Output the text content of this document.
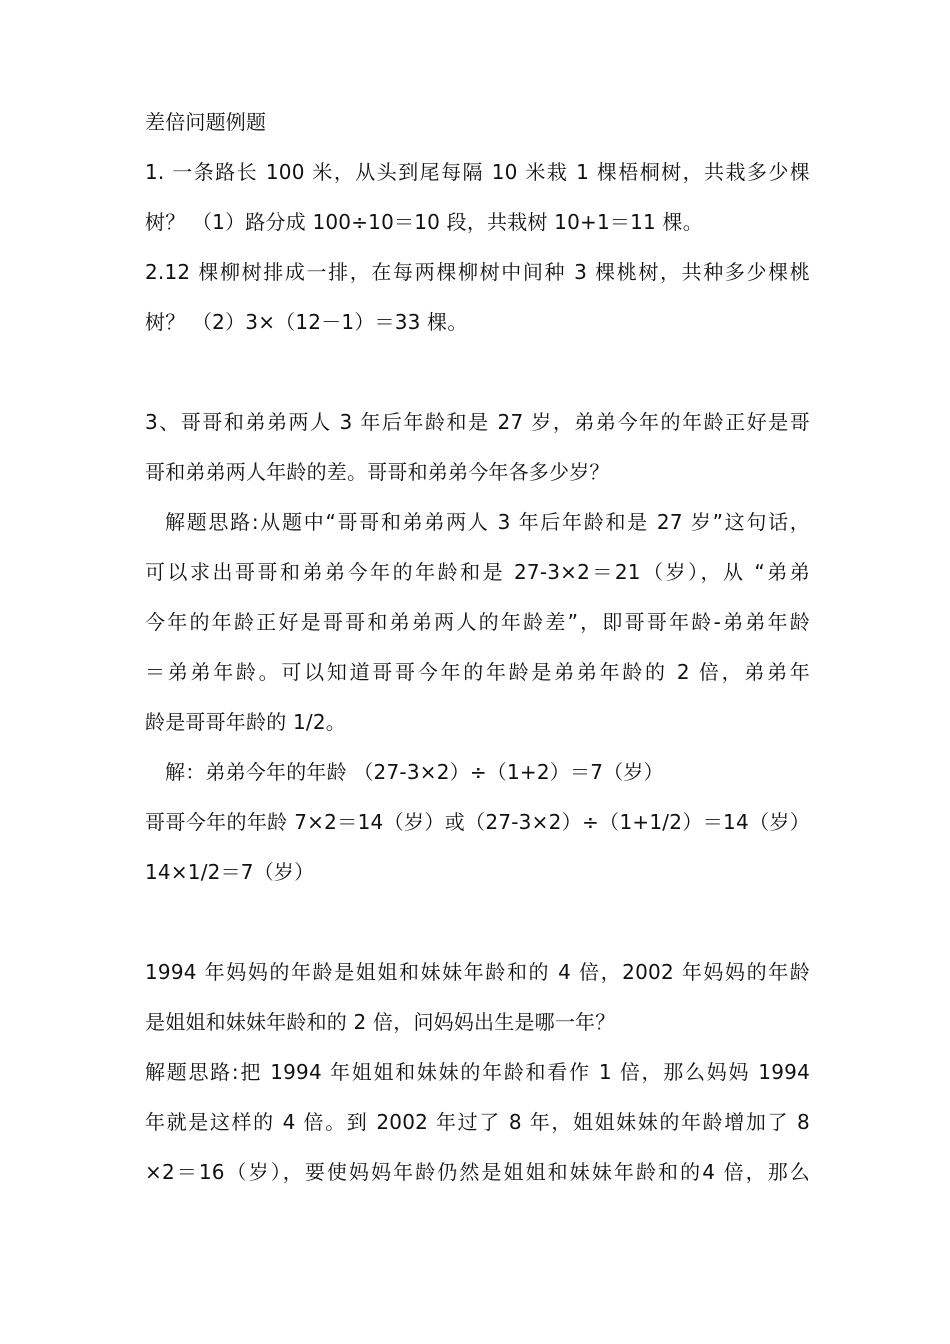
差倍问题例题
1. 一条路长 100 米，从头到尾每隔 10 米栽 1 棵梧桐树，共栽多少棵
树？ （1）路分成 100÷10＝10 段，共栽树 10+1＝11 棵。
2.12 棵柳树排成一排，在每两棵柳树中间种 3 棵桃树，共种多少棵桃
树？ （2）3×（12－1）＝33 棵。
3、哥哥和弟弟两人 3 年后年龄和是 27 岁，弟弟今年的年龄正好是哥
哥和弟弟两人年龄的差。哥哥和弟弟今年各多少岁？
解题思路:从题中“哥哥和弟弟两人 3 年后年龄和是 27 岁”这句话，
可以求出哥哥和弟弟今年的年龄和是 27-3×2＝21（岁），从 “弟弟
今年的年龄正好是哥哥和弟弟两人的年龄差”，即哥哥年龄-弟弟年龄
＝弟弟年龄。可以知道哥哥今年的年龄是弟弟年龄的 2 倍，弟弟年
龄是哥哥年龄的 1/2。
解：弟弟今年的年龄 （27-3×2）÷（1+2）＝7（岁）
哥哥今年的年龄 7×2＝14（岁）或（27-3×2）÷（1+1/2）＝14（岁）
14×1/2＝7（岁）
1994 年妈妈的年龄是姐姐和妹妹年龄和的 4 倍，2002 年妈妈的年龄
是姐姐和妹妹年龄和的 2 倍，问妈妈出生是哪一年？
解题思路:把 1994 年姐姐和妹妹的年龄和看作 1 倍，那么妈妈 1994
年就是这样的 4 倍。到 2002 年过了 8 年，姐姐妹妹的年龄增加了 8
×2＝16（岁），要使妈妈年龄仍然是姐姐和妹妹年龄和的4 倍，那么
